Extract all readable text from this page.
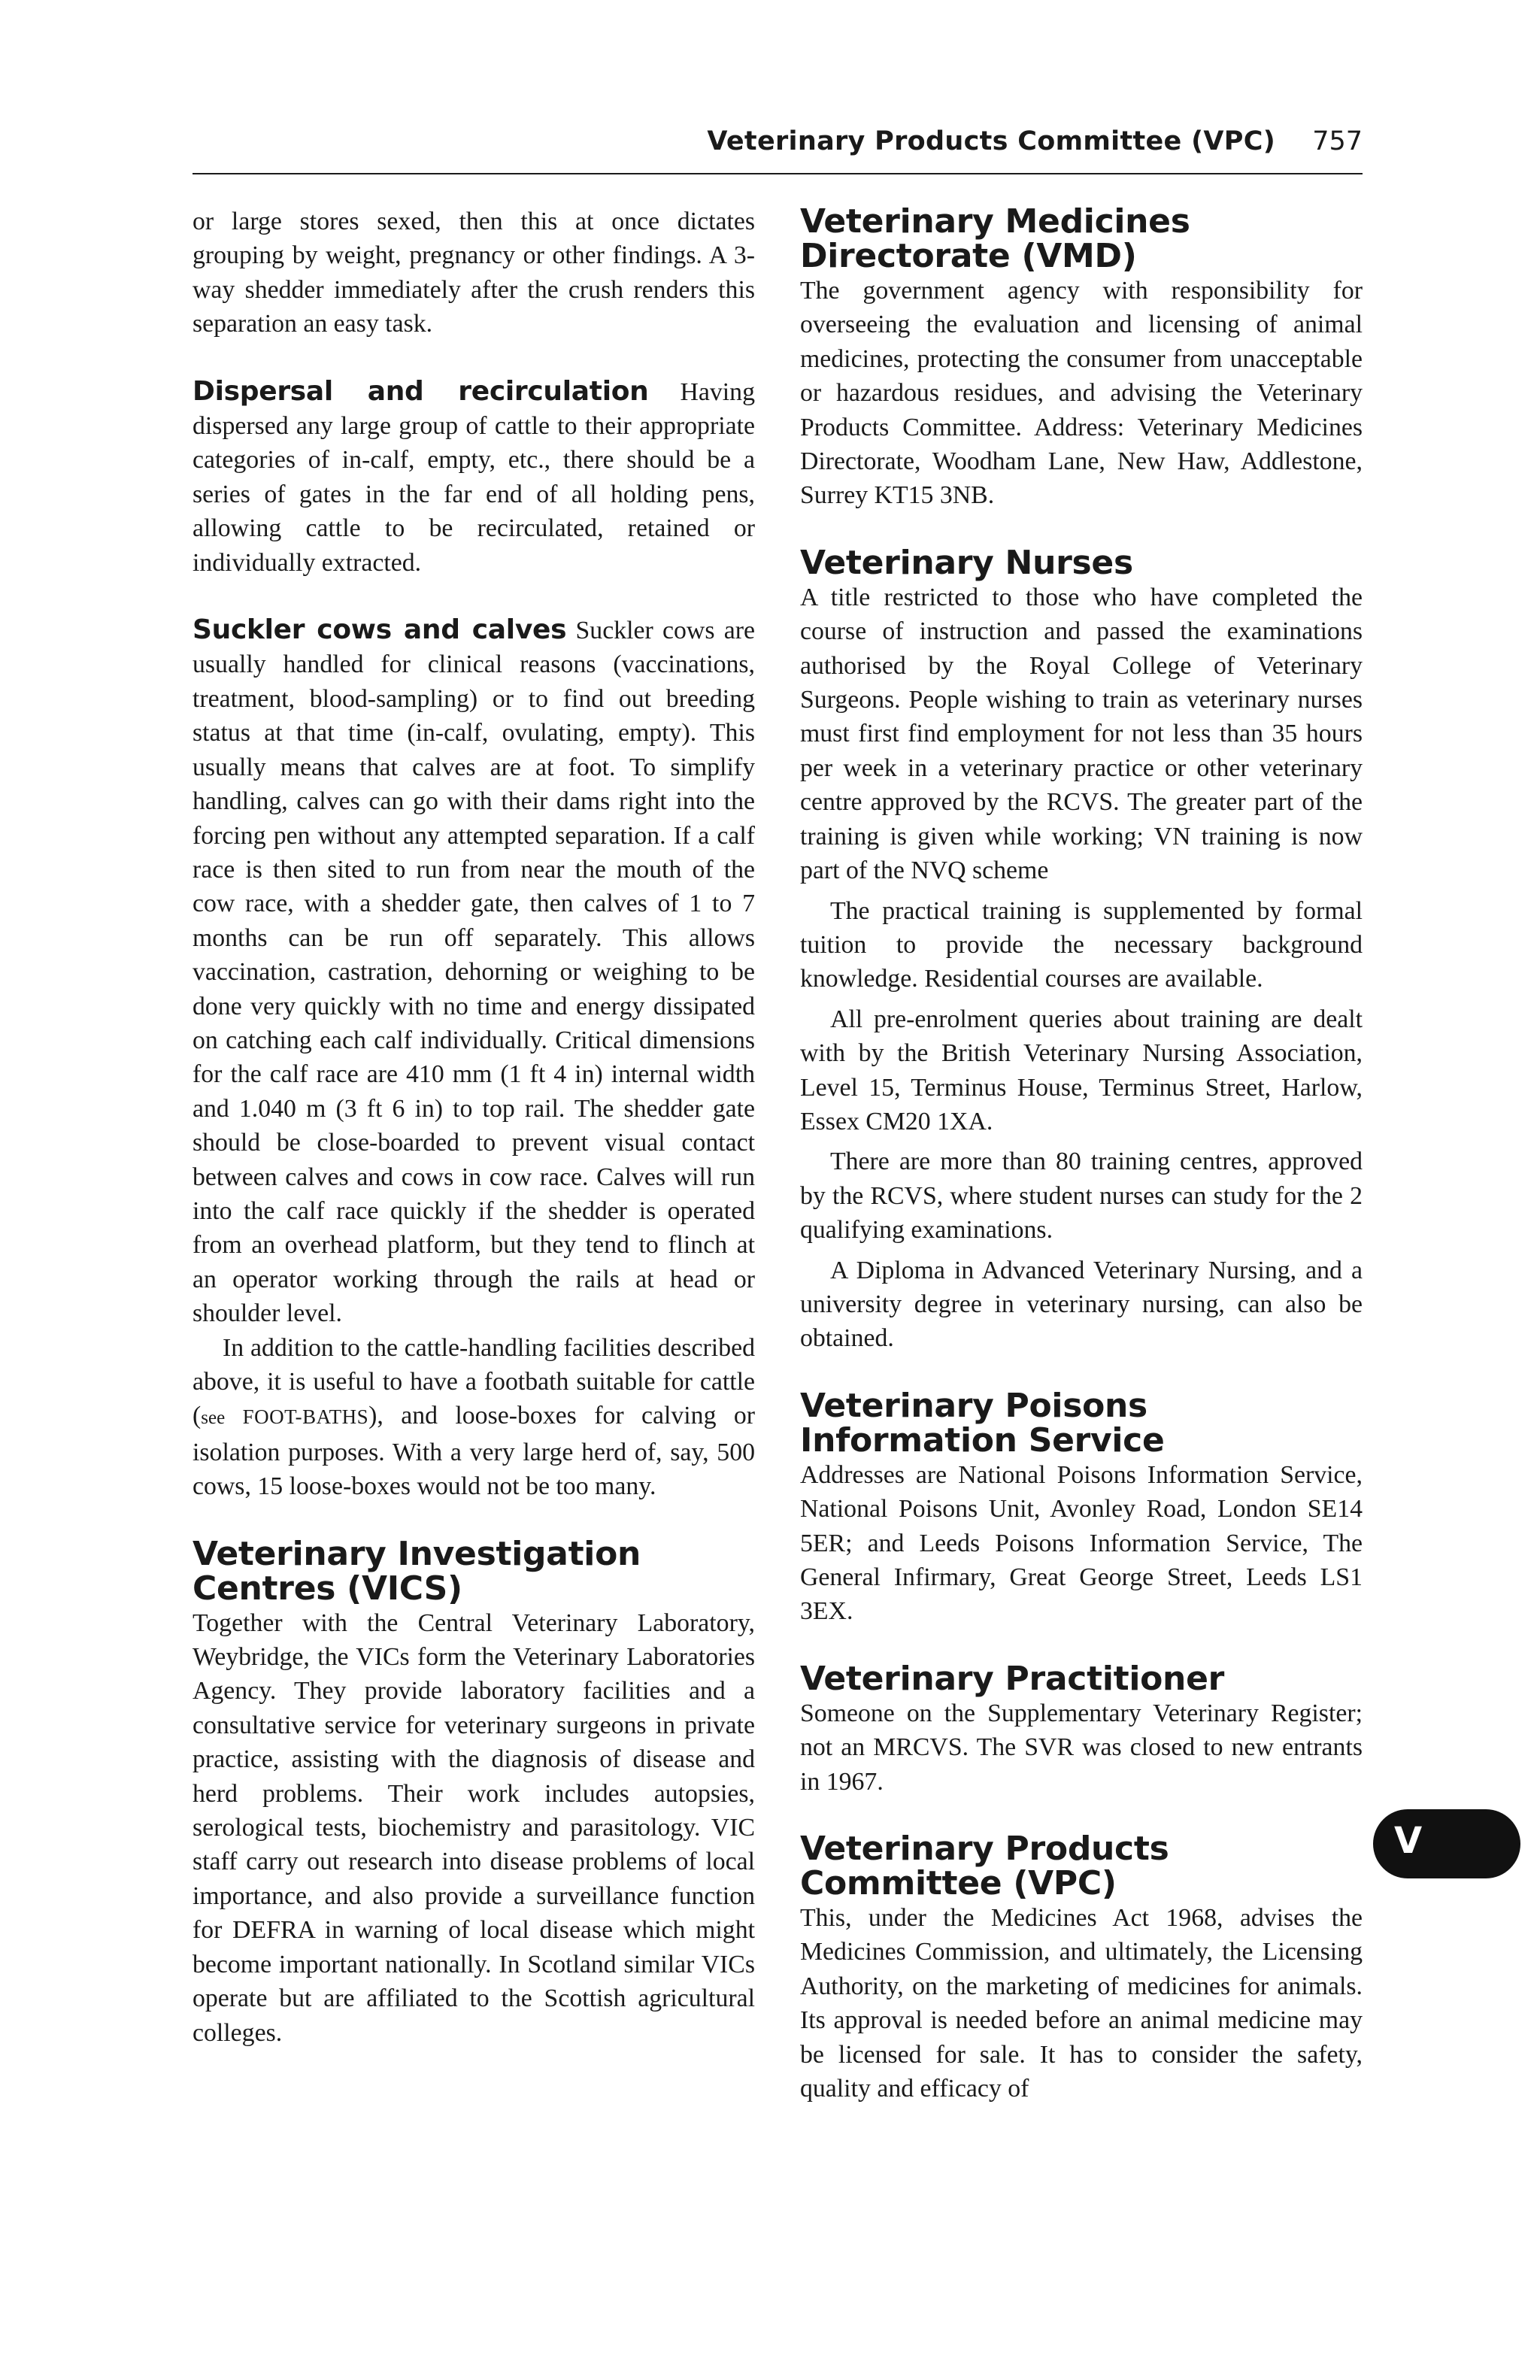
Veterinary Products Committee (VPC) 757

or large stores sexed, then this at once dictates grouping by weight, pregnancy or other findings. A 3-way shedder immediately after the crush renders this separation an easy task.

Dispersal and recirculation Having dispersed any large group of cattle to their appropriate categories of in-calf, empty, etc., there should be a series of gates in the far end of all holding pens, allowing cattle to be recirculated, retained or individually extracted.

Suckler cows and calves Suckler cows are usually handled for clinical reasons (vaccinations, treatment, blood-sampling) or to find out breeding status at that time (in-calf, ovulating, empty). This usually means that calves are at foot. To simplify handling, calves can go with their dams right into the forcing pen without any attempted separation. If a calf race is then sited to run from near the mouth of the cow race, with a shedder gate, then calves of 1 to 7 months can be run off separately. This allows vaccination, castration, dehorning or weighing to be done very quickly with no time and energy dissipated on catching each calf individually. Critical dimensions for the calf race are 410 mm (1 ft 4 in) internal width and 1.040 m (3 ft 6 in) to top rail. The shedder gate should be close-boarded to prevent visual contact between calves and cows in cow race. Calves will run into the calf race quickly if the shedder is operated from an overhead platform, but they tend to flinch at an operator working through the rails at head or shoulder level.

In addition to the cattle-handling facilities described above, it is useful to have a footbath suitable for cattle (see FOOT-BATHS), and loose-boxes for calving or isolation purposes. With a very large herd of, say, 500 cows, 15 loose-boxes would not be too many.

Veterinary Investigation Centres (VICS)

Together with the Central Veterinary Laboratory, Weybridge, the VICs form the Veterinary Laboratories Agency. They provide laboratory facilities and a consultative service for veterinary surgeons in private practice, assisting with the diagnosis of disease and herd problems. Their work includes autopsies, serological tests, biochemistry and parasitology. VIC staff carry out research into disease problems of local importance, and also provide a surveillance function for DEFRA in warning of local disease which might become important nationally. In Scotland similar VICs operate but are affiliated to the Scottish agricultural colleges.

Veterinary Medicines Directorate (VMD)

The government agency with responsibility for overseeing the evaluation and licensing of animal medicines, protecting the consumer from unacceptable or hazardous residues, and advising the Veterinary Products Committee. Address: Veterinary Medicines Directorate, Woodham Lane, New Haw, Addlestone, Surrey KT15 3NB.

Veterinary Nurses

A title restricted to those who have completed the course of instruction and passed the examinations authorised by the Royal College of Veterinary Surgeons. People wishing to train as veterinary nurses must first find employment for not less than 35 hours per week in a veterinary practice or other veterinary centre approved by the RCVS. The greater part of the training is given while working; VN training is now part of the NVQ scheme

The practical training is supplemented by formal tuition to provide the necessary background knowledge. Residential courses are available.

All pre-enrolment queries about training are dealt with by the British Veterinary Nursing Association, Level 15, Terminus House, Terminus Street, Harlow, Essex CM20 1XA.

There are more than 80 training centres, approved by the RCVS, where student nurses can study for the 2 qualifying examinations.

A Diploma in Advanced Veterinary Nursing, and a university degree in veterinary nursing, can also be obtained.

Veterinary Poisons Information Service

Addresses are National Poisons Information Service, National Poisons Unit, Avonley Road, London SE14 5ER; and Leeds Poisons Information Service, The General Infirmary, Great George Street, Leeds LS1 3EX.

Veterinary Practitioner

Someone on the Supplementary Veterinary Register; not an MRCVS. The SVR was closed to new entrants in 1967.

Veterinary Products Committee (VPC)

This, under the Medicines Act 1968, advises the Medicines Commission, and ultimately, the Licensing Authority, on the marketing of medicines for animals. Its approval is needed before an animal medicine may be licensed for sale. It has to consider the safety, quality and efficacy of

V
